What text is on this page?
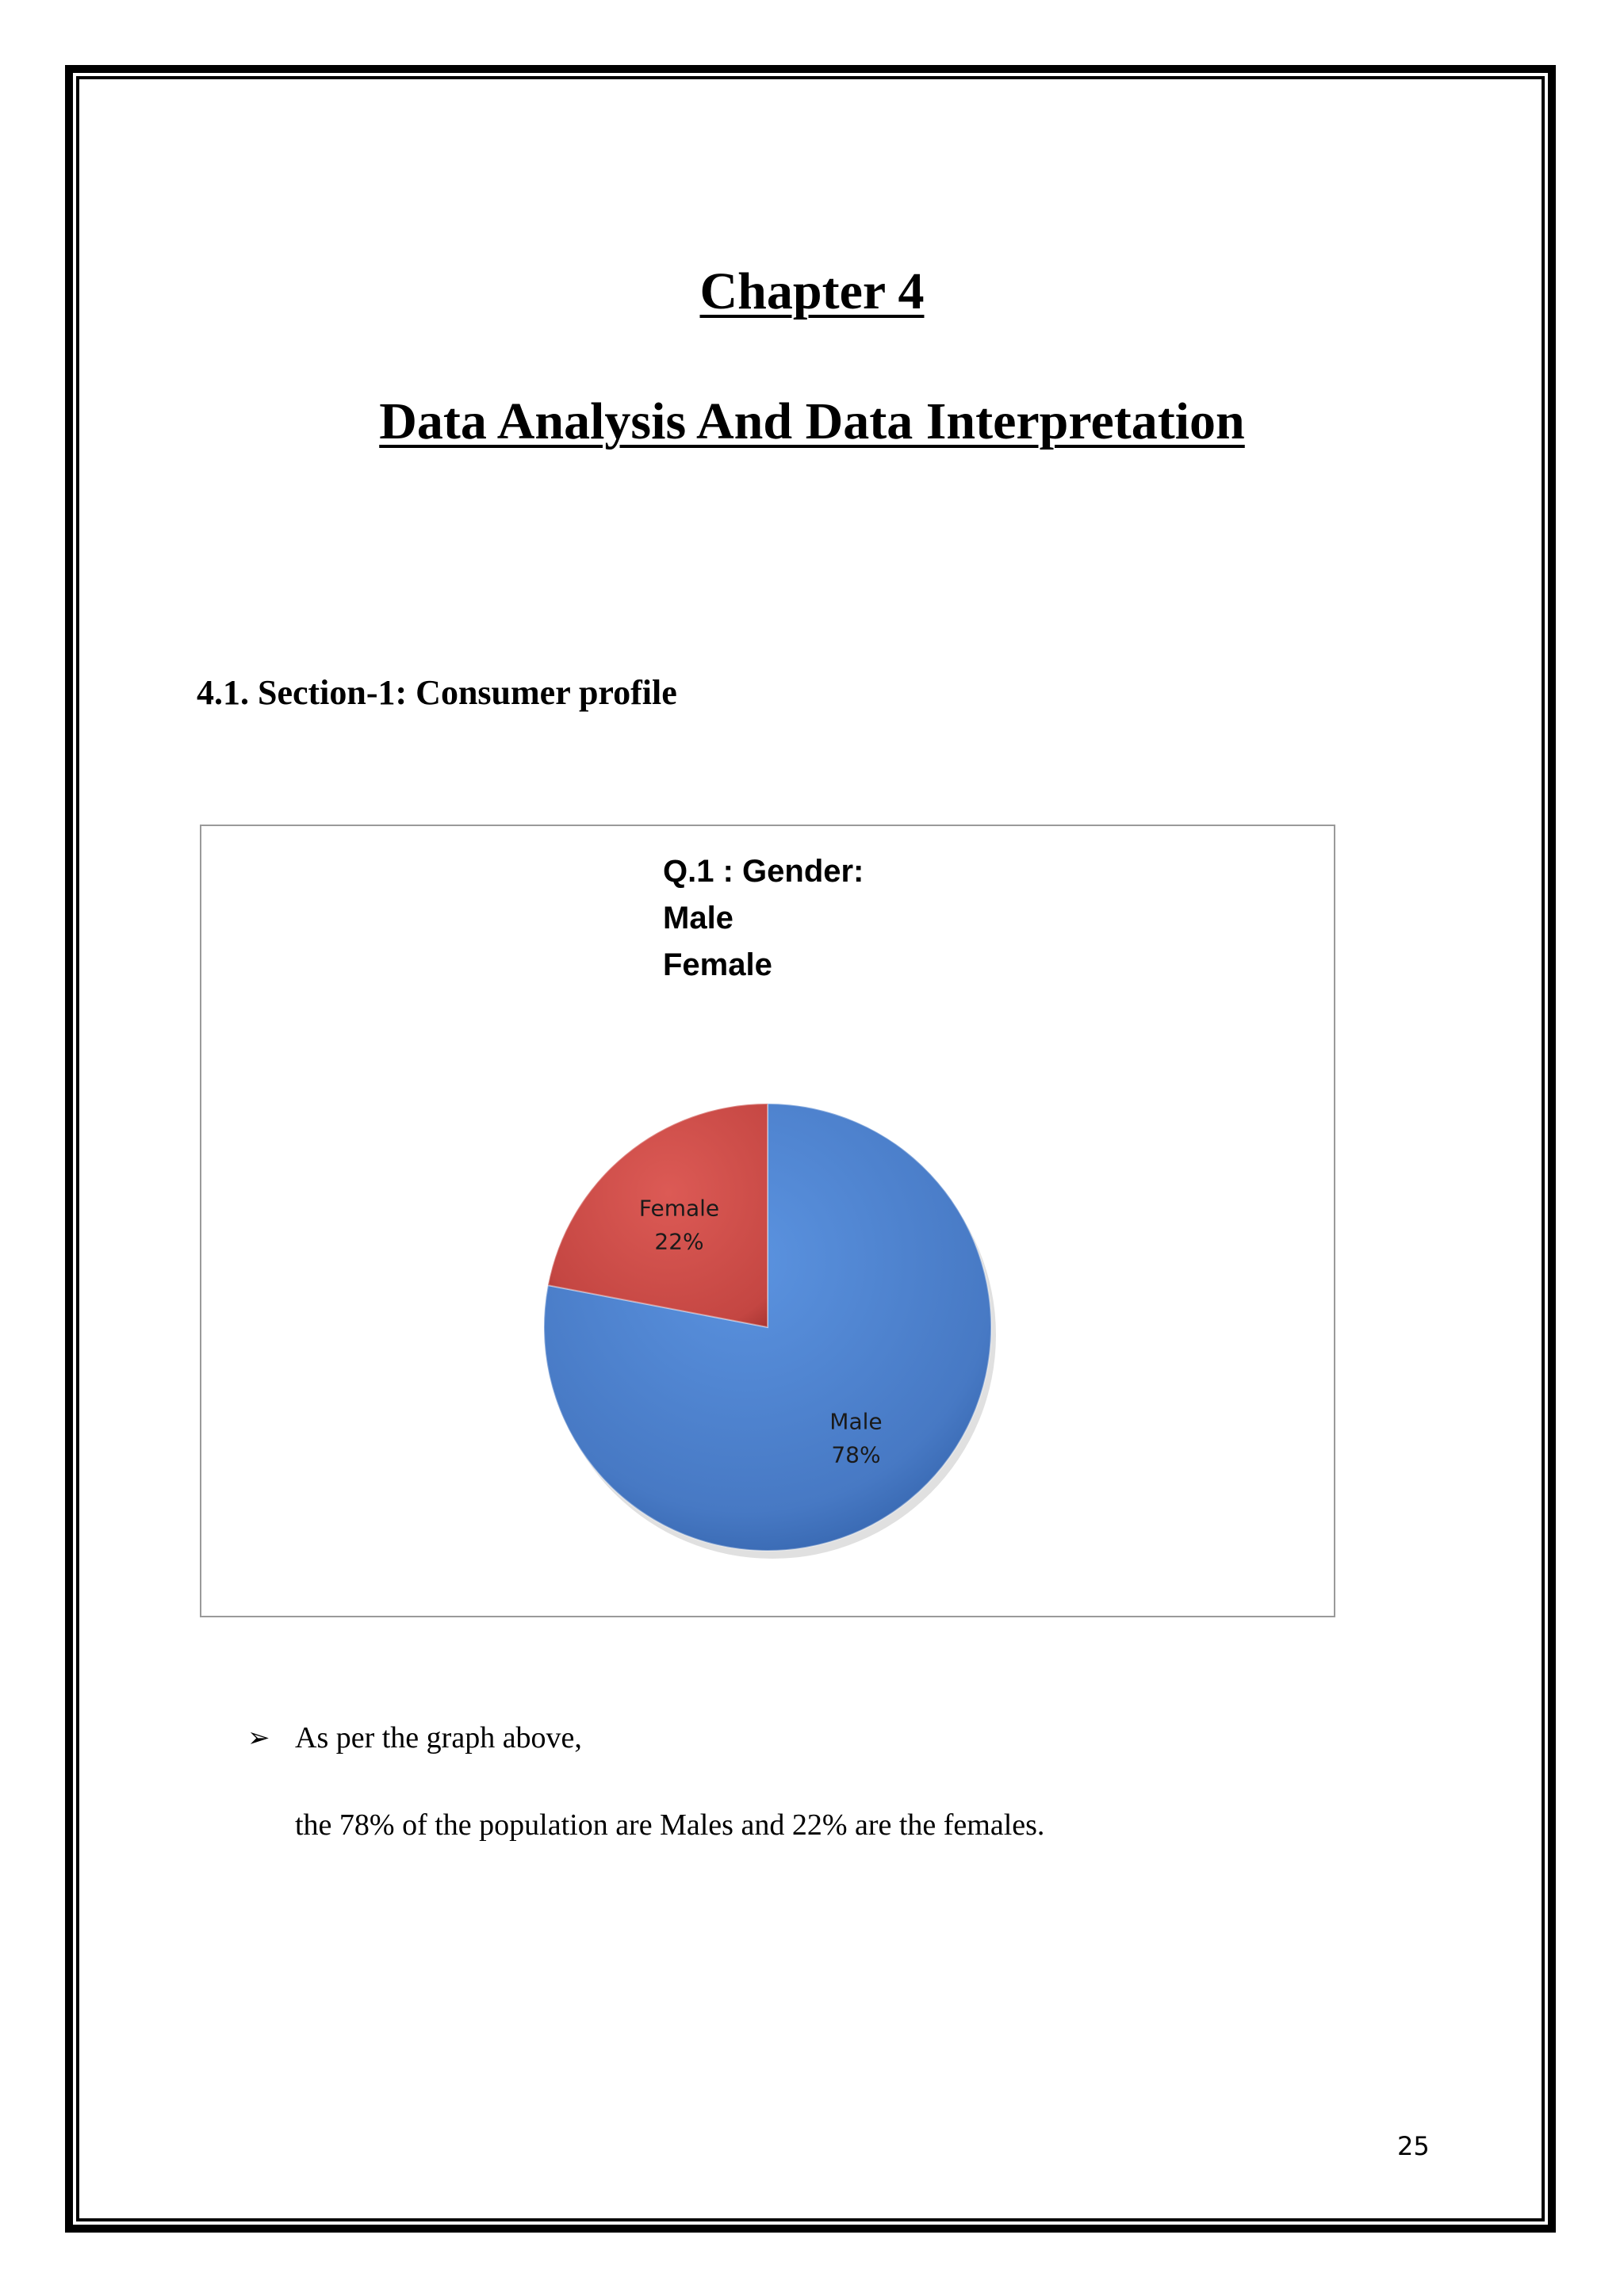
Chapter 4
Data Analysis And Data Interpretation
4.1. Section-1: Consumer profile
Q.1 : Gender:
Male
Female
Male
78%
Female
22%
➢ As per the graph above,
the 78% of the population are Males and 22% are the females.
25
